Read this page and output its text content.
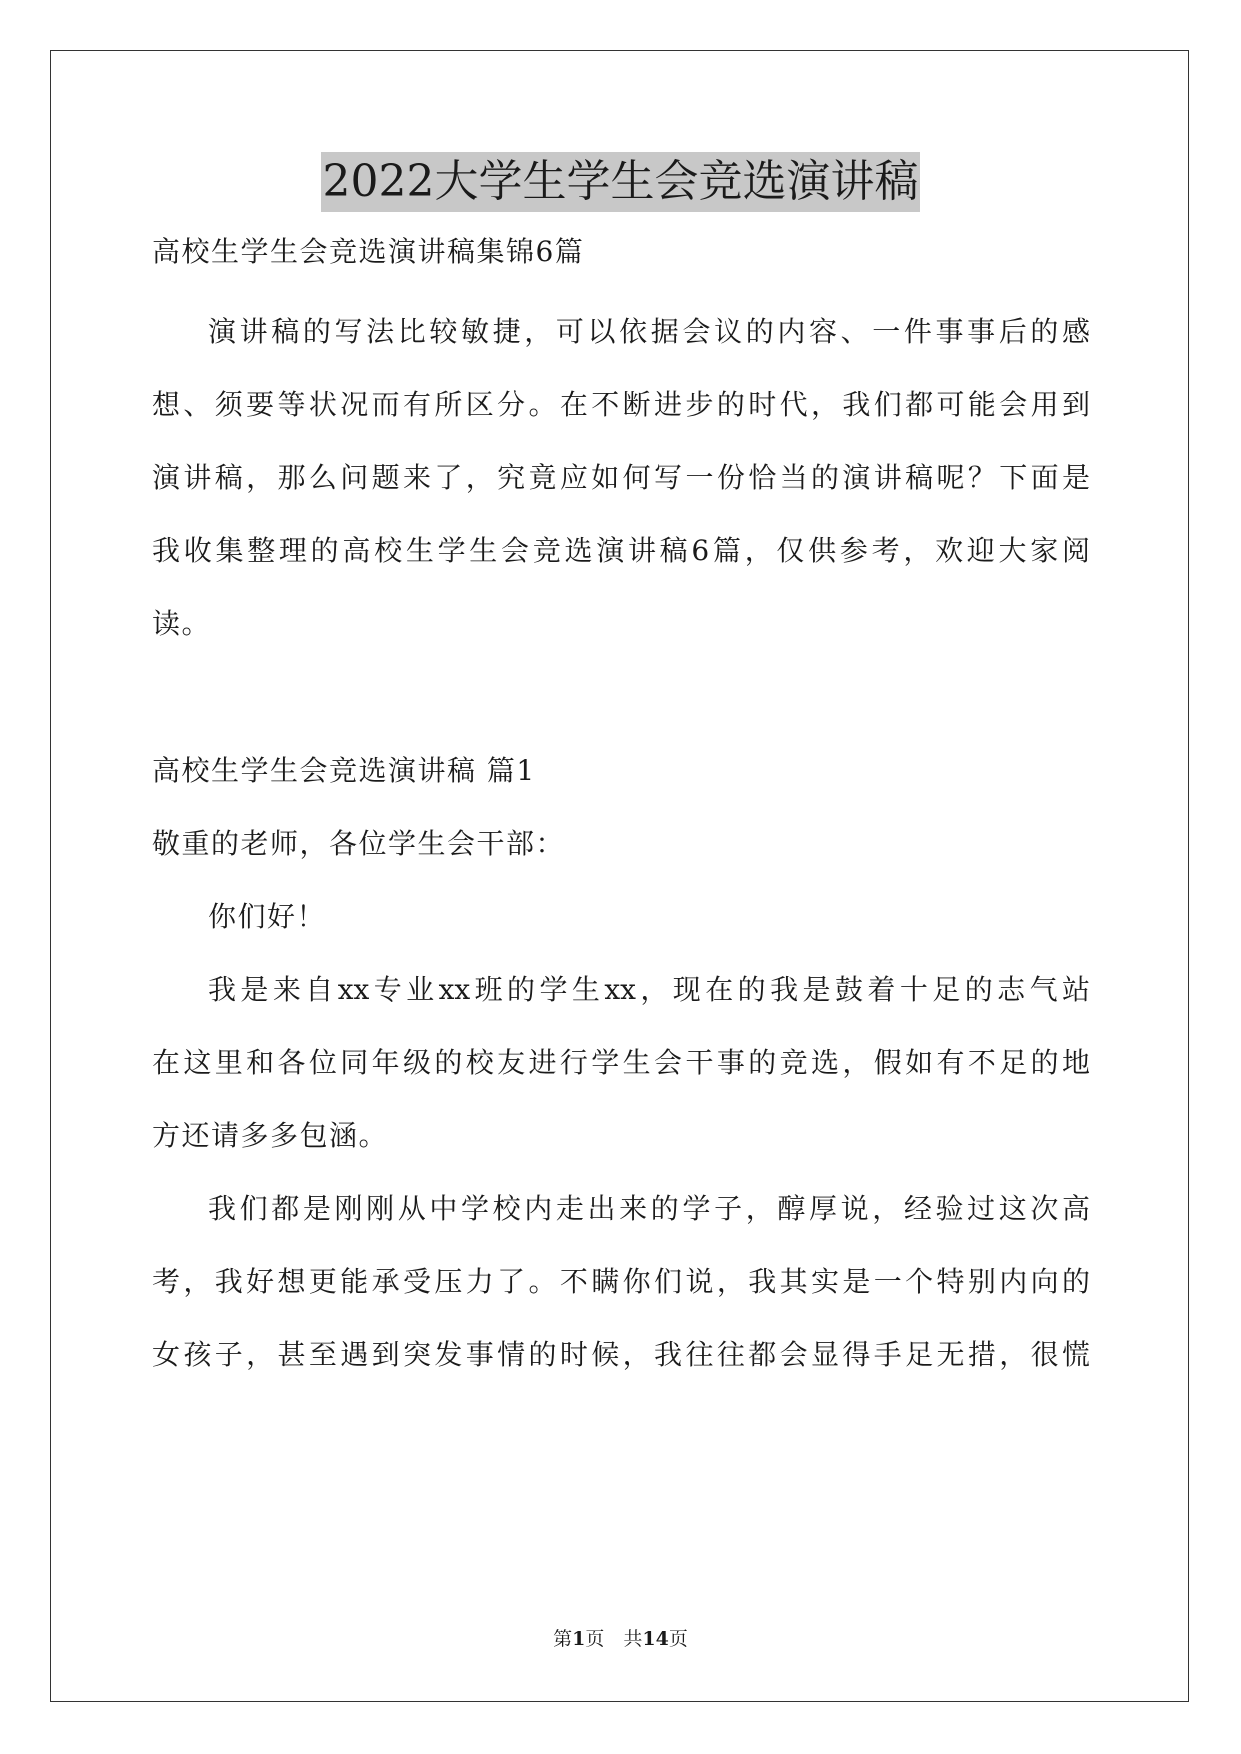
2022大学生学生会竞选演讲稿
高校生学生会竞选演讲稿集锦6篇
演讲稿的写法比较敏捷，可以依据会议的内容、一件事事后的感
想、须要等状况而有所区分。在不断进步的时代，我们都可能会用到
演讲稿，那么问题来了，究竟应如何写一份恰当的演讲稿呢？下面是
我收集整理的高校生学生会竞选演讲稿6篇，仅供参考，欢迎大家阅
读。
高校生学生会竞选演讲稿 篇1
敬重的老师，各位学生会干部：
你们好！
我是来自xx专业xx班的学生xx，现在的我是鼓着十足的志气站
在这里和各位同年级的校友进行学生会干事的竞选，假如有不足的地
方还请多多包涵。
我们都是刚刚从中学校内走出来的学子，醇厚说，经验过这次高
考，我好想更能承受压力了。不瞒你们说，我其实是一个特别内向的
女孩子，甚至遇到突发事情的时候，我往往都会显得手足无措，很慌
第1页　共14页
